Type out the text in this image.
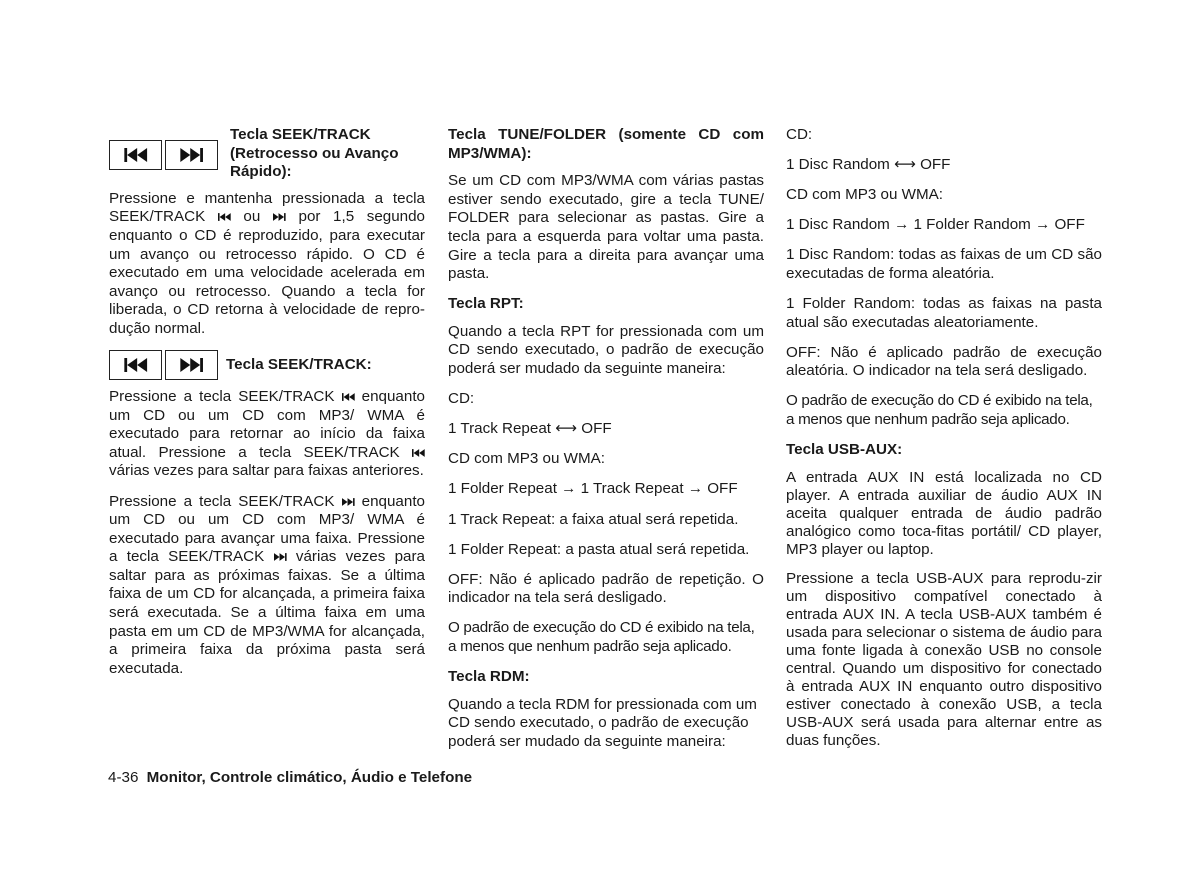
Tecla SEEK/TRACK (Retrocesso ou Avanço Rápido):

Pressione e mantenha pressionada a tecla SEEK/TRACK	ou	por 1,5 segundo enquanto o CD é reproduzido, para executar um avanço ou retrocesso rápido. O CD é executado em uma velocidade acelerada em avanço ou retrocesso. Quando a tecla for liberada, o CD retorna à velocidade de repro-dução normal.

Tecla SEEK/TRACK:

Pressione a tecla SEEK/TRACK enquanto um CD ou um CD com MP3/ WMA é executado para retornar ao início da faixa atual. Pressione a tecla SEEK/TRACK  várias vezes para saltar para faixas anteriores.

Pressione a tecla SEEK/TRACK enquanto um CD ou um CD com MP3/ WMA é executado para avançar uma faixa. Pressione a tecla SEEK/TRACK várias vezes para saltar para as próximas faixas. Se a última faixa de um CD for alcançada, a primeira faixa será executada. Se a última faixa em uma pasta em um CD de MP3/WMA for alcançada, a primeira faixa da próxima pasta será executada.

Tecla TUNE/FOLDER (somente CD com MP3/WMA):

Se um CD com MP3/WMA com várias pastas estiver sendo executado, gire a tecla TUNE/ FOLDER para selecionar as pastas. Gire a tecla para a esquerda para voltar uma pasta. Gire a tecla para a direita para avançar uma pasta.

Tecla RPT:

Quando a tecla RPT for pressionada com um CD sendo executado, o padrão de execução poderá ser mudado da seguinte maneira:

CD:

1 Track Repeat ⟷ OFF

CD com MP3 ou WMA:

1 Folder Repeat → 1 Track Repeat → OFF

1 Track Repeat: a faixa atual será repetida.

1 Folder Repeat: a pasta atual será repetida.

OFF: Não é aplicado padrão de repetição. O indicador na tela será desligado.

O padrão de execução do CD é exibido na tela, a menos que nenhum padrão seja aplicado.

Tecla RDM:

Quando a tecla RDM for pressionada com um CD sendo executado, o padrão de execução poderá ser mudado da seguinte maneira:

CD:

1 Disc Random ⟷ OFF

CD com MP3 ou WMA:

1 Disc Random → 1 Folder Random → OFF

1 Disc Random: todas as faixas de um CD são executadas de forma aleatória.

1 Folder Random: todas as faixas na pasta atual são executadas aleatoriamente.

OFF: Não é aplicado padrão de execução aleatória. O indicador na tela será desligado.

O padrão de execução do CD é exibido na tela, a menos que nenhum padrão seja aplicado.

Tecla USB-AUX:

A entrada AUX IN está localizada no CD player. A entrada auxiliar de áudio AUX IN aceita qualquer entrada de áudio padrão analógico como toca-fitas portátil/ CD player, MP3 player ou laptop.

Pressione a tecla USB-AUX para reprodu-zir um dispositivo compatível conectado à entrada AUX IN. A tecla USB-AUX também é usada para selecionar o sistema de áudio para uma fonte ligada à conexão USB no console central. Quando um dispositivo for conectado à entrada AUX IN enquanto outro dispositivo estiver conectado à conexão USB, a tecla USB-AUX será usada para alternar entre as duas funções.

4-36 Monitor, Controle climático, Áudio e Telefone
